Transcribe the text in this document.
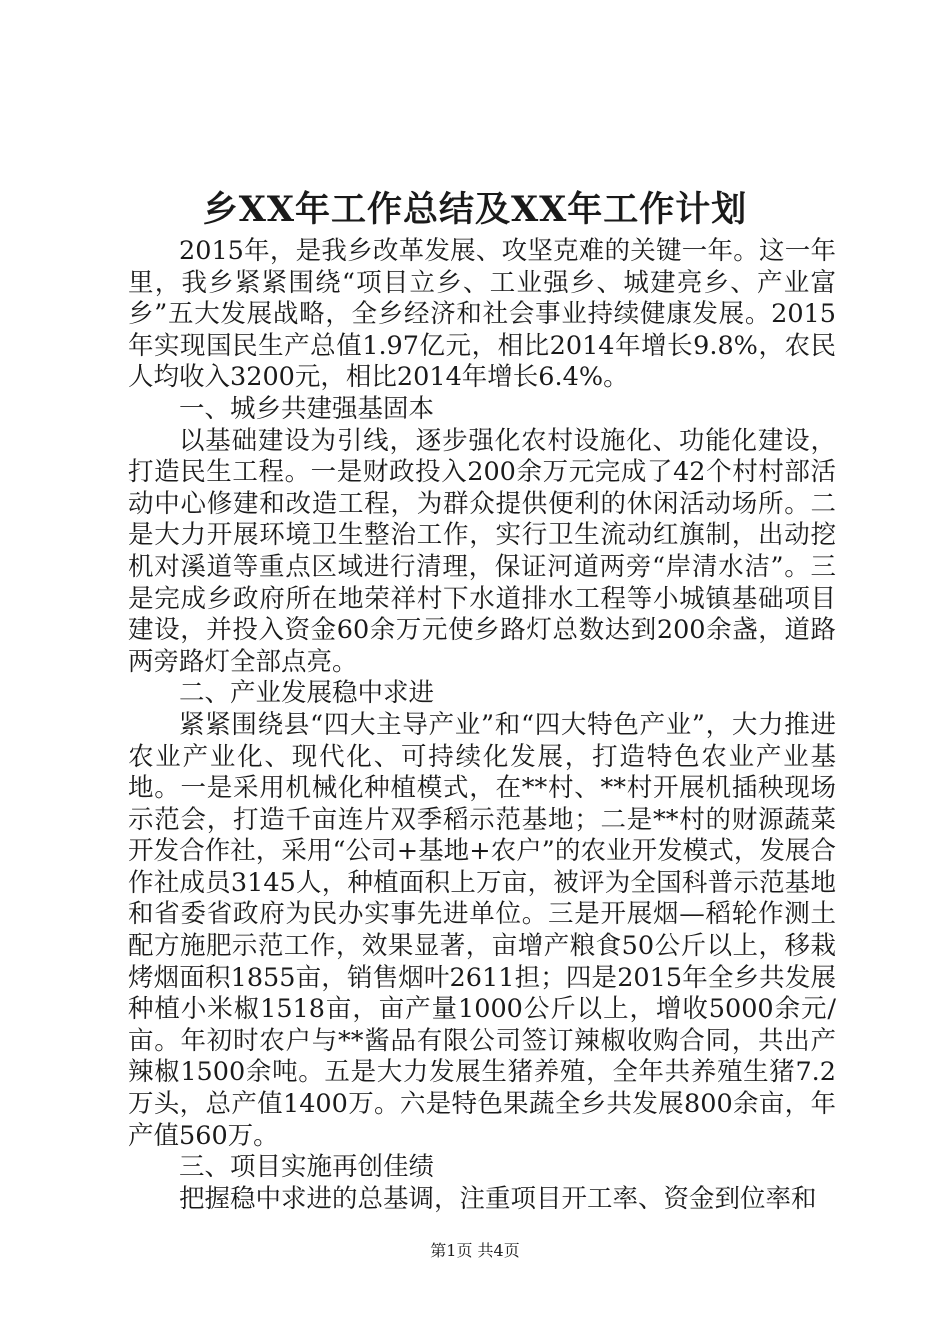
乡XX年工作总结及XX年工作计划

2015年，是我乡改革发展、攻坚克难的关键一年。这一年里，我乡紧紧围绕“项目立乡、工业强乡、城建亮乡、产业富乡”五大发展战略，全乡经济和社会事业持续健康发展。2015年实现国民生产总值1.97亿元，相比2014年增长9.8%，农民人均收入3200元，相比2014年增长6.4%。

一、城乡共建强基固本

以基础建设为引线，逐步强化农村设施化、功能化建设，打造民生工程。一是财政投入200余万元完成了42个村村部活动中心修建和改造工程，为群众提供便利的休闲活动场所。二是大力开展环境卫生整治工作，实行卫生流动红旗制，出动挖机对溪道等重点区域进行清理，保证河道两旁“岸清水洁”。三是完成乡政府所在地荣祥村下水道排水工程等小城镇基础项目建设，并投入资金60余万元使乡路灯总数达到200余盏，道路两旁路灯全部点亮。

二、产业发展稳中求进

紧紧围绕县“四大主导产业”和“四大特色产业”，大力推进农业产业化、现代化、可持续化发展，打造特色农业产业基地。一是采用机械化种植模式，在**村、**村开展机插秧现场示范会，打造千亩连片双季稻示范基地；二是**村的财源蔬菜开发合作社，采用“公司+基地+农户”的农业开发模式，发展合作社成员3145人，种植面积上万亩，被评为全国科普示范基地和省委省政府为民办实事先进单位。三是开展烟—稻轮作测土配方施肥示范工作，效果显著，亩增产粮食50公斤以上，移栽烤烟面积1855亩，销售烟叶2611担；四是2015年全乡共发展种植小米椒1518亩，亩产量1000公斤以上，增收5000余元/亩。年初时农户与**酱品有限公司签订辣椒收购合同，共出产辣椒1500余吨。五是大力发展生猪养殖，全年共养殖生猪7.2万头，总产值1400万。六是特色果蔬全乡共发展800余亩，年产值560万。

三、项目实施再创佳绩

把握稳中求进的总基调，注重项目开工率、资金到位率和

第1页 共4页
